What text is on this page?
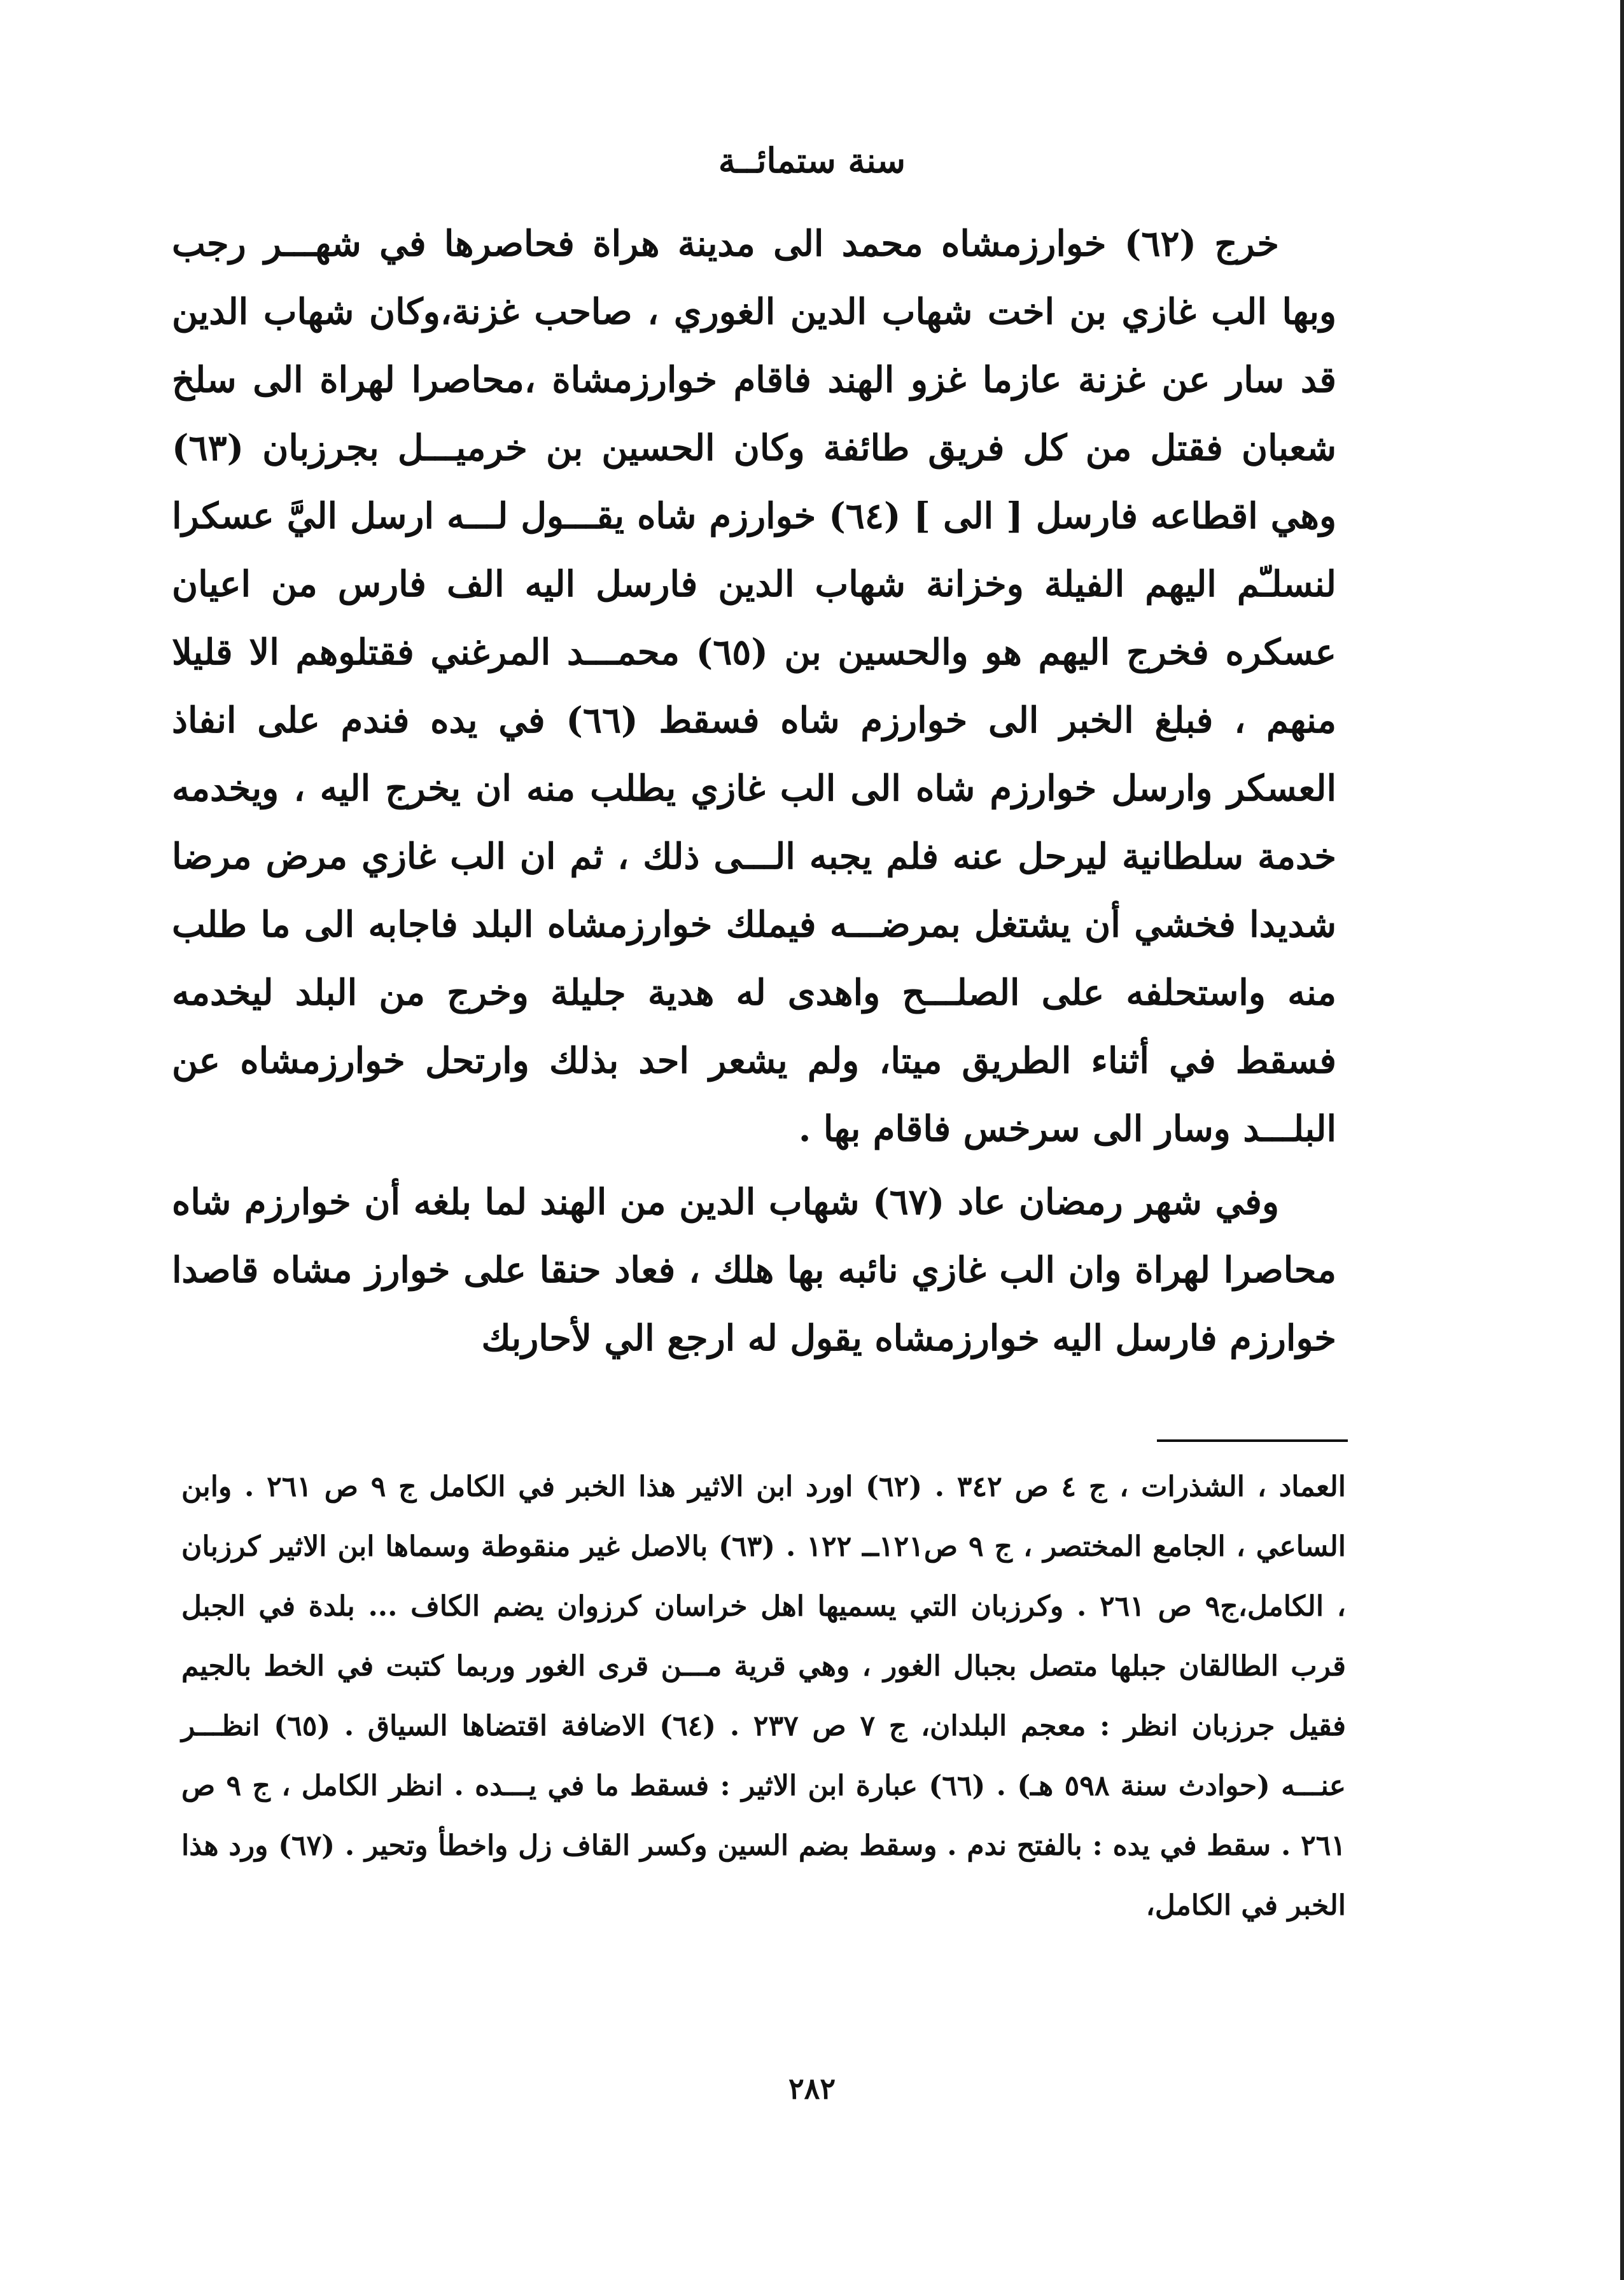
سنة ستمائــة

خرج (٦٢) خوارزمشاه محمد الى مدينة هراة فحاصرها في شهـــر رجب وبها الب غازي بن اخت شهاب الدين الغوري ، صاحب غزنة،وكان شهاب الدين قد سار عن غزنة عازما غزو الهند فاقام خوارزمشاة ،محاصرا لهراة الى سلخ شعبان فقتل من كل فريق طائفة وكان الحسين بن خرميـــل بجرزبان (٦٣) وهي اقطاعه فارسل [ الى ] (٦٤) خوارزم شاه يقـــول لـــه ارسل اليَّ عسكرا لنسلـّم اليهم الفيلة وخزانة شهاب الدين فارسل اليه الف فارس من اعيان عسكره فخرج اليهم هو والحسين بن (٦٥) محمـــد المرغني فقتلوهم الا قليلا منهم ، فبلغ الخبر الى خوارزم شاه فسقط (٦٦) في يده فندم على انفاذ العسكر وارسل خوارزم شاه الى الب غازي يطلب منه ان يخرج اليه ، ويخدمه خدمة سلطانية ليرحل عنه فلم يجبه الـــى ذلك ، ثم ان الب غازي مرض مرضا شديدا فخشي أن يشتغل بمرضـــه فيملك خوارزمشاه البلد فاجابه الى ما طلب منه واستحلفه على الصلـــح واهدى له هدية جليلة وخرج من البلد ليخدمه فسقط في أثناء الطريق ميتا، ولم يشعر احد بذلك وارتحل خوارزمشاه عن البلـــد وسار الى سرخس فاقام بها .

وفي شهر رمضان عاد (٦٧) شهاب الدين من الهند لما بلغه أن خوارزم شاه محاصرا لهراة وان الب غازي نائبه بها هلك ، فعاد حنقا على خوارز مشاه قاصدا خوارزم فارسل اليه خوارزمشاه يقول له ارجع الي لأحاربك

العماد ، الشذرات ، ج ٤ ص ٣٤٢ . (٦٢) اورد ابن الاثير هذا الخبر في الكامل ج ٩ ص ٢٦١ . وابن الساعي ، الجامع المختصر ، ج ٩ ص١٢١ــ ١٢٢ . (٦٣) بالاصل غير منقوطة وسماها ابن الاثير كرزبان ، الكامل،ج٩ ص ٢٦١ . وكرزبان التي يسميها اهل خراسان كرزوان يضم الكاف ... بلدة في الجبل قرب الطالقان جبلها متصل بجبال الغور ، وهي قرية مـــن قرى الغور وربما كتبت في الخط بالجيم فقيل جرزبان انظر : معجم البلدان، ج ٧ ص ٢٣٧ . (٦٤) الاضافة اقتضاها السياق . (٦٥) انظـــر عنـــه (حوادث سنة ٥٩٨ هـ) . (٦٦) عبارة ابن الاثير : فسقط ما في يـــده . انظر الكامل ، ج ٩ ص ٢٦١ . سقط في يده : بالفتح ندم . وسقط بضم السين وكسر القاف زل واخطأ وتحير . (٦٧) ورد هذا الخبر في الكامل،

٢٨٢
